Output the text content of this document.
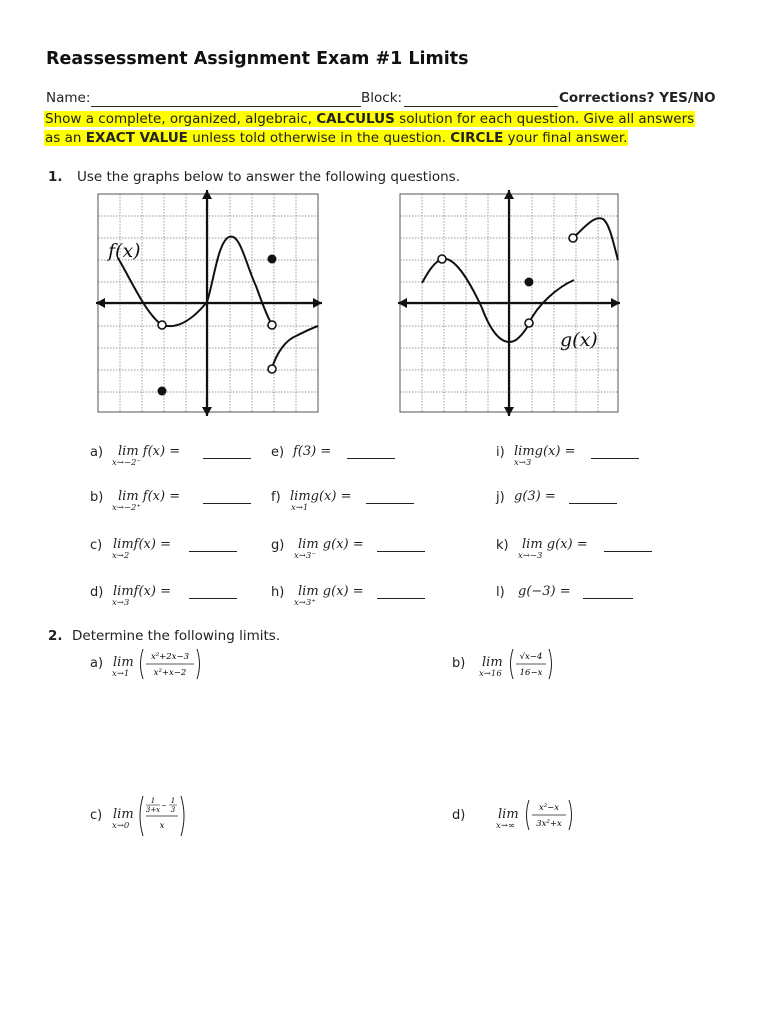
Reassessment Assignment Exam #1 Limits
Name:	Block:	Corrections? YES/NO
Show a complete, organized, algebraic, CALCULUS solution for each question. Give all answers
as an EXACT VALUE unless told otherwise in the question. CIRCLE your final answer.
1. Use the graphs below to answer the following questions.
f(x)
g(x)
a) lim f(x) =
x→−2⁻
b) lim f(x) =
x→−2⁺
c) limf(x) =
x→2
d) limf(x) =
x→3
e) f(3) =
f) limg(x) =
x→1
g) lim g(x) =
x→3⁻
h) lim g(x) =
x→3⁺
i) limg(x) =
x→3
j) g(3) =
k) lim g(x) =
x→−3
l) g(−3) =
2. Determine the following limits.
a) lim
x→1
x²+2x−3
x²+x−2
b) lim
x→16
√x−4
16−x
c) lim
x→0
1
3+x −
1
3
x
d)	lim
x→∞
x²−x
3x²+x
